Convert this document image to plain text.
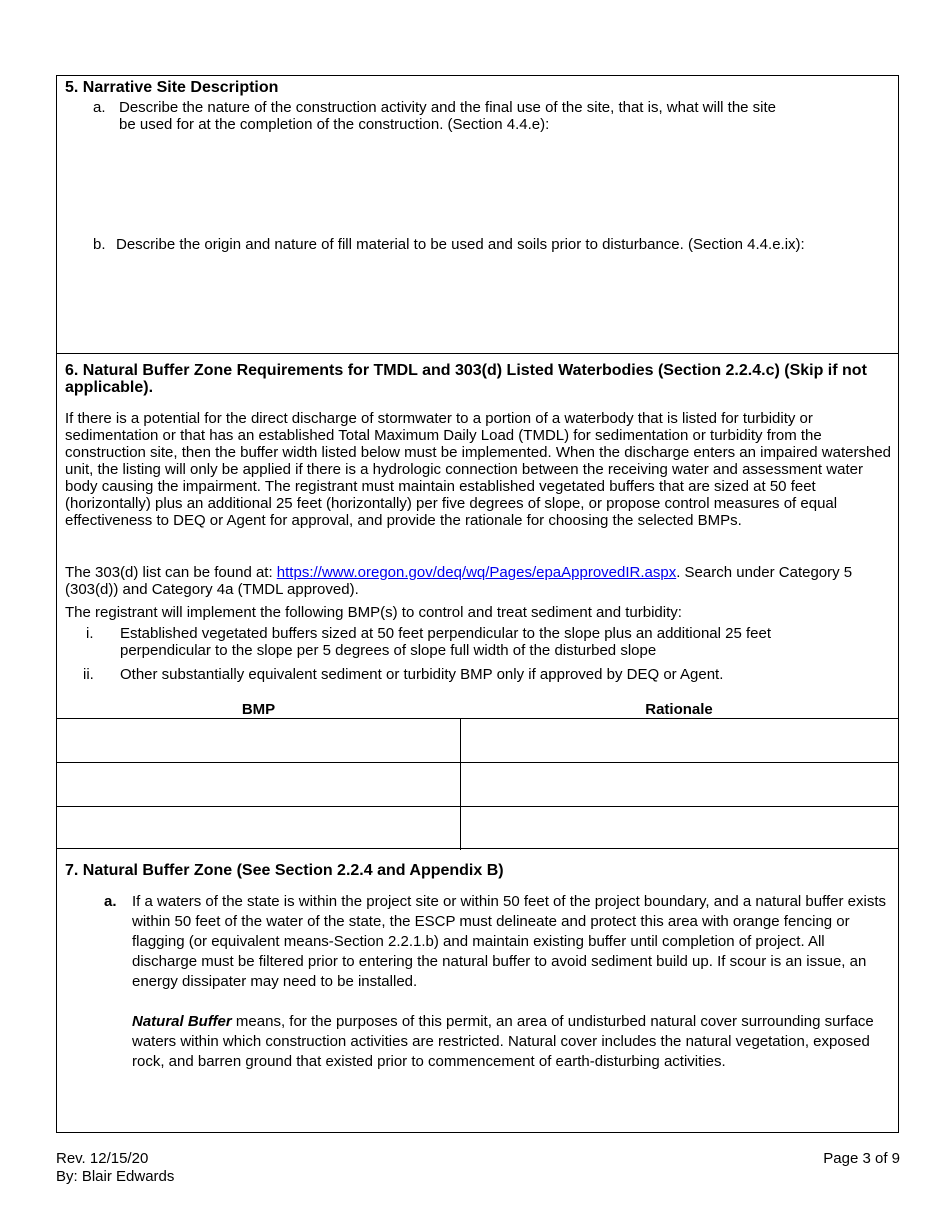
5. Narrative Site Description

a. Describe the nature of the construction activity and the final use of the site, that is, what will the site

be used for at the completion of the construction. (Section 4.4.e):

b. Describe the origin and nature of fill material to be used and soils prior to disturbance. (Section 4.4.e.ix):

6. Natural Buffer Zone Requirements for TMDL and 303(d) Listed Waterbodies (Section 2.2.4.c) (Skip if not applicable).

If there is a potential for the direct discharge of stormwater to a portion of a waterbody that is listed for turbidity or sedimentation or that has an established Total Maximum Daily Load (TMDL) for sedimentation or turbidity from the construction site, then the buffer width listed below must be implemented. When the discharge enters an impaired watershed unit, the listing will only be applied if there is a hydrologic connection between the receiving water and assessment water body causing the impairment. The registrant must maintain established vegetated buffers that are sized at 50 feet (horizontally) plus an additional 25 feet (horizontally) per five degrees of slope, or propose control measures of equal effectiveness to DEQ or Agent for approval, and provide the rationale for choosing the selected BMPs.

The 303(d) list can be found at: https://www.oregon.gov/deq/wq/Pages/epaApprovedIR.aspx. Search under Category 5 (303(d)) and Category 4a (TMDL approved).

The registrant will implement the following BMP(s) to control and treat sediment and turbidity:

i. Established vegetated buffers sized at 50 feet perpendicular to the slope plus an additional 25 feet perpendicular to the slope per 5 degrees of slope full width of the disturbed slope

ii. Other substantially equivalent sediment or turbidity BMP only if approved by DEQ or Agent.

BMP	Rationale

7. Natural Buffer Zone (See Section 2.2.4 and Appendix B)

a. If a waters of the state is within the project site or within 50 feet of the project boundary, and a natural buffer exists within 50 feet of the water of the state, the ESCP must delineate and protect this area with orange fencing or flagging (or equivalent means-Section 2.2.1.b) and maintain existing buffer until completion of project. All discharge must be filtered prior to entering the natural buffer to avoid sediment build up. If scour is an issue, an energy dissipater may need to be installed.

Natural Buffer means, for the purposes of this permit, an area of undisturbed natural cover surrounding surface waters within which construction activities are restricted. Natural cover includes the natural vegetation, exposed rock, and barren ground that existed prior to commencement of earth-disturbing activities.

Rev. 12/15/20
By: Blair Edwards
Page 3 of 9
